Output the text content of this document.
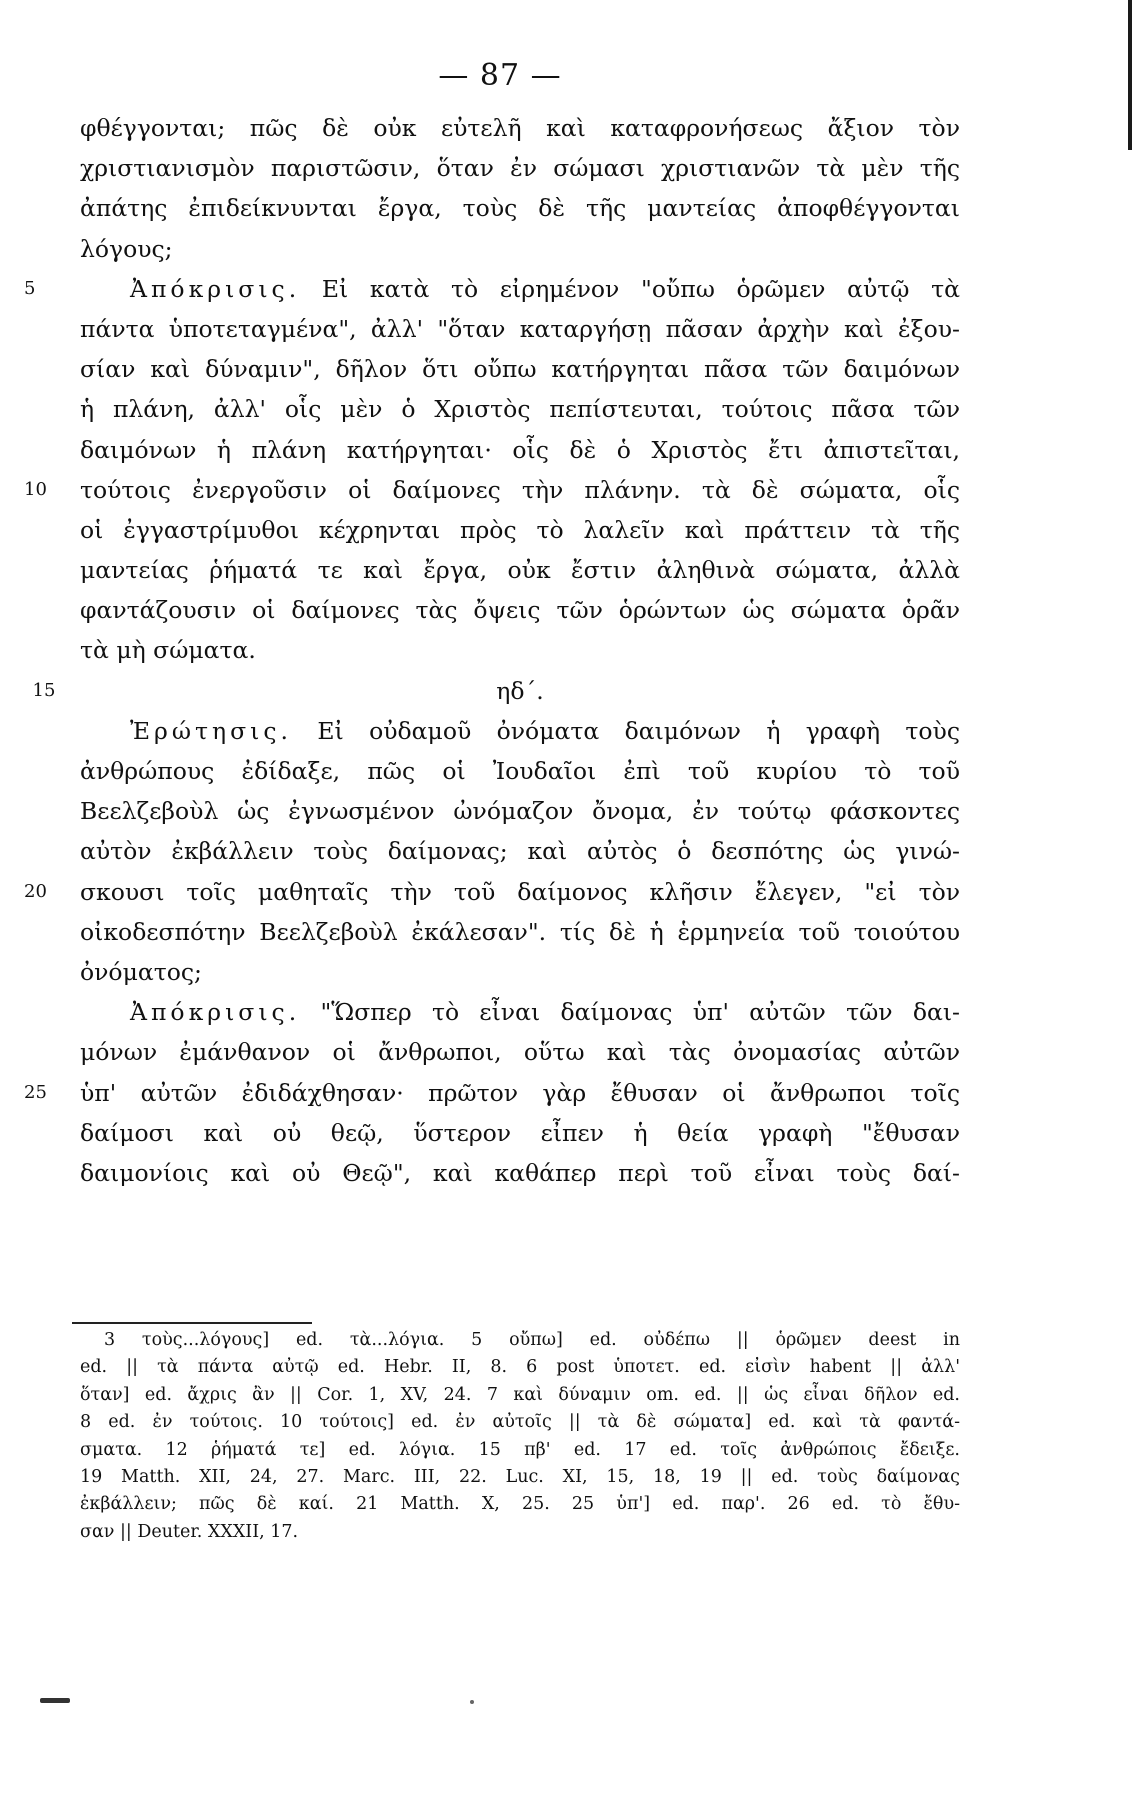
— 87 —
φθέγγονται; πῶς δὲ οὐκ εὐτελῆ καὶ καταφρονήσεως ἄξιον τὸν
χριστιανισμὸν παριστῶσιν, ὅταν ἐν σώμασι χριστιανῶν τὰ μὲν τῆς
ἀπάτης ἐπιδείκνυνται ἔργα, τοὺς δὲ τῆς μαντείας ἀποφθέγγονται
λόγους;
5	Ἀπόκρισις. Εἰ κατὰ τὸ εἰρημένον "οὔπω ὁρῶμεν αὐτῷ τὰ
πάντα ὑποτεταγμένα", ἀλλ' "ὅταν καταργήσῃ πᾶσαν ἀρχὴν καὶ ἐξου-
σίαν καὶ δύναμιν", δῆλον ὅτι οὔπω κατήργηται πᾶσα τῶν δαιμόνων
ἡ πλάνη, ἀλλ' οἷς μὲν ὁ Χριστὸς πεπίστευται, τούτοις πᾶσα τῶν
δαιμόνων ἡ πλάνη κατήργηται· οἷς δὲ ὁ Χριστὸς ἔτι ἀπιστεῖται,
10	τούτοις ἐνεργοῦσιν οἱ δαίμονες τὴν πλάνην. τὰ δὲ σώματα, οἷς
οἱ ἐγγαστρίμυθοι κέχρηνται πρὸς τὸ λαλεῖν καὶ πράττειν τὰ τῆς
μαντείας ῥήματά τε καὶ ἔργα, οὐκ ἔστιν ἀληθινὰ σώματα, ἀλλὰ
φαντάζουσιν οἱ δαίμονες τὰς ὄψεις τῶν ὁρώντων ὡς σώματα ὁρᾶν
τὰ μὴ σώματα.
15	ηδ΄.
Ἐρώτησις. Εἰ οὐδαμοῦ ὀνόματα δαιμόνων ἡ γραφὴ τοὺς
ἀνθρώπους ἐδίδαξε, πῶς οἱ Ἰουδαῖοι ἐπὶ τοῦ κυρίου τὸ τοῦ
Βεελζεβοὺλ ὡς ἐγνωσμένον ὠνόμαζον ὄνομα, ἐν τούτῳ φάσκοντες
αὐτὸν ἐκβάλλειν τοὺς δαίμονας; καὶ αὐτὸς ὁ δεσπότης ὡς γινώ-
20	σκουσι τοῖς μαθηταῖς τὴν τοῦ δαίμονος κλῆσιν ἔλεγεν, "εἰ τὸν
οἰκοδεσπότην Βεελζεβοὺλ ἐκάλεσαν". τίς δὲ ἡ ἑρμηνεία τοῦ τοιούτου
ὀνόματος;
Ἀπόκρισις. "Ὥσπερ τὸ εἶναι δαίμονας ὑπ' αὐτῶν τῶν δαι-
μόνων ἐμάνθανον οἱ ἄνθρωποι, οὕτω καὶ τὰς ὀνομασίας αὐτῶν
25	ὑπ' αὐτῶν ἐδιδάχθησαν· πρῶτον γὰρ ἔθυσαν οἱ ἄνθρωποι τοῖς
δαίμοσι καὶ οὐ θεῷ, ὕστερον εἶπεν ἡ θεία γραφὴ "ἔθυσαν
δαιμονίοις καὶ οὐ Θεῷ", καὶ καθάπερ περὶ τοῦ εἶναι τοὺς δαί-
3 τοὺς...λόγους] ed. τὰ...λόγια. 5 οὔπω] ed. οὐδέπω || ὁρῶμεν deest in
ed. || τὰ πάντα αὐτῷ ed. Hebr. II, 8. 6 post ὑποτετ. ed. εἰσὶν habent || ἀλλ'
ὅταν] ed. ἄχρις ἂν || Cor. 1, XV, 24. 7 καὶ δύναμιν om. ed. || ὡς εἶναι δῆλον ed.
8 ed. ἐν τούτοις. 10 τούτοις] ed. ἐν αὐτοῖς || τὰ δὲ σώματα] ed. καὶ τὰ φαντά-
σματα. 12 ῥήματά τε] ed. λόγια. 15 πβ' ed. 17 ed. τοῖς ἀνθρώποις ἔδειξε.
19 Matth. XII, 24, 27. Marc. III, 22. Luc. XI, 15, 18, 19 || ed. τοὺς δαίμονας
ἐκβάλλειν; πῶς δὲ καί. 21 Matth. X, 25. 25 ὑπ'] ed. παρ'. 26 ed. τὸ ἔθυ-
σαν || Deuter. XXXII, 17.
